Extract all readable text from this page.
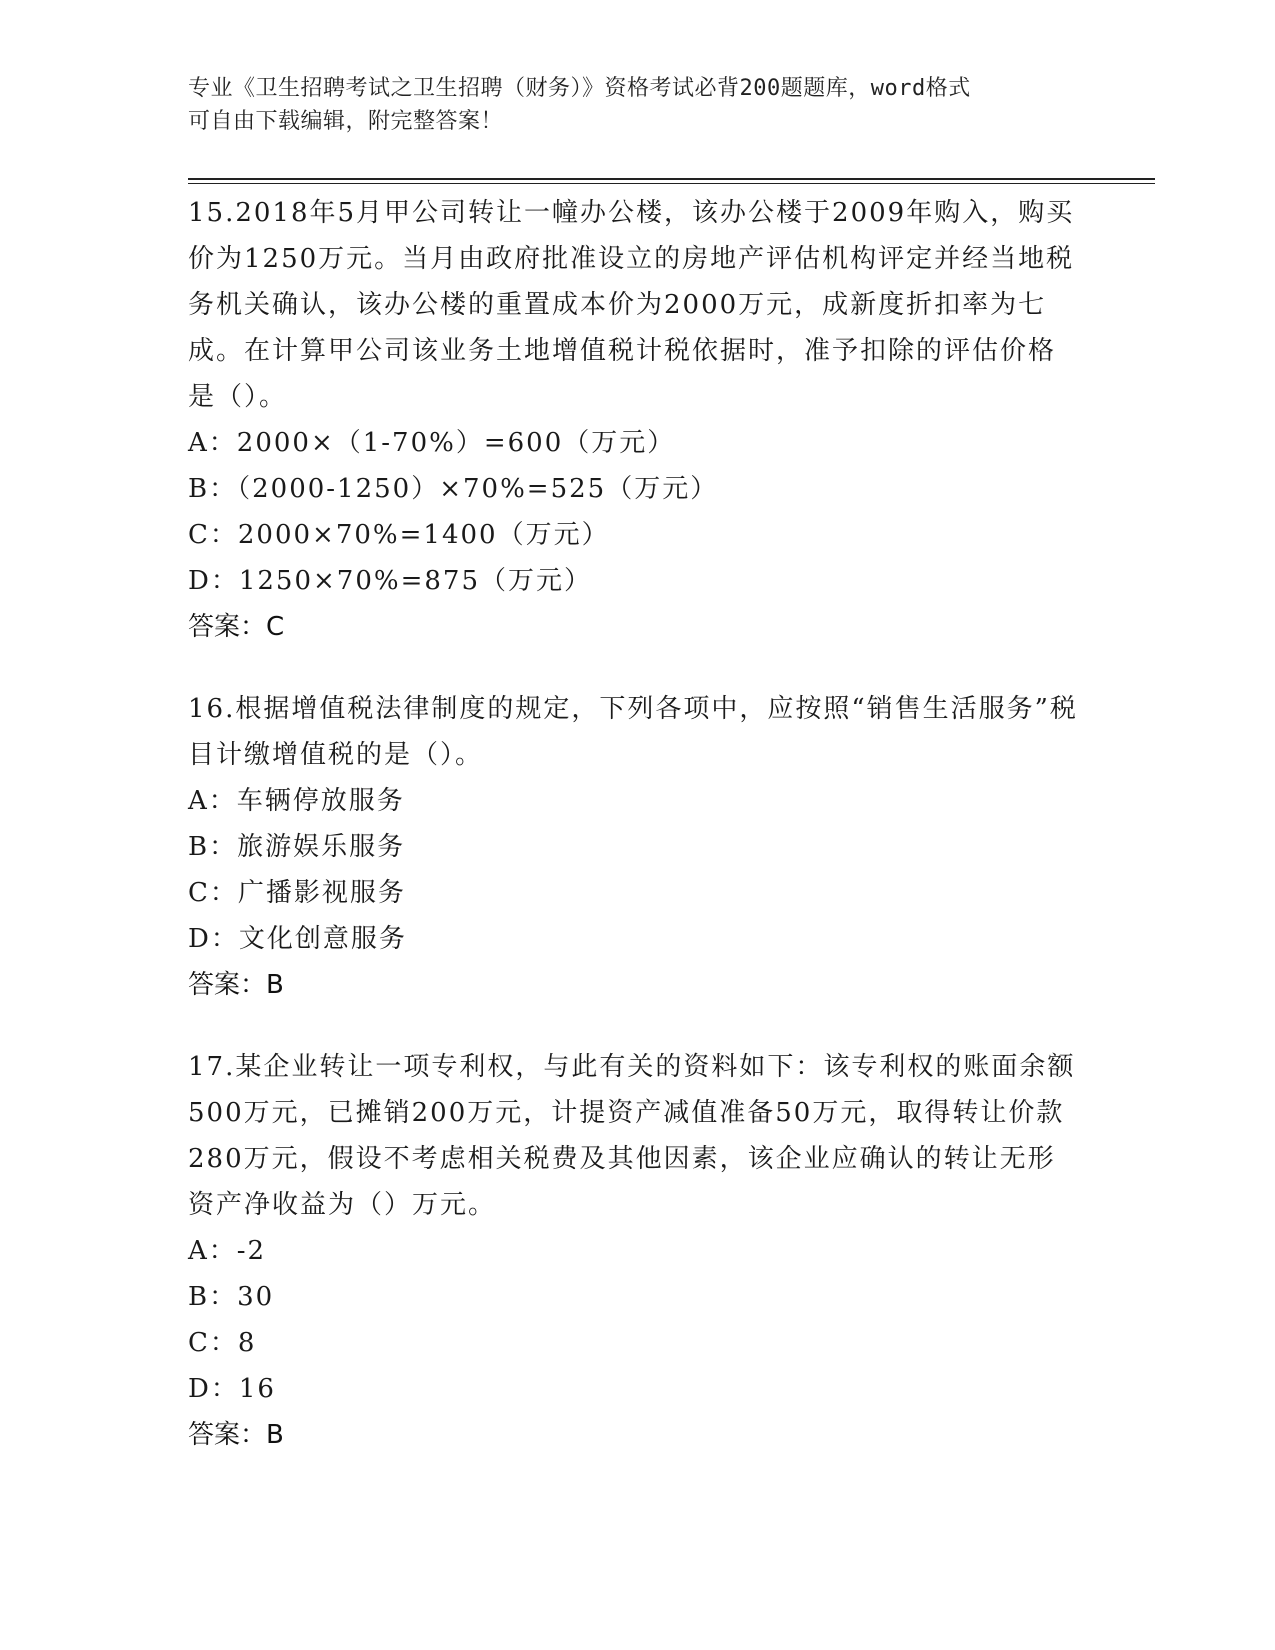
专业《卫生招聘考试之卫生招聘（财务）》资格考试必背200题题库，word格式
可自由下载编辑，附完整答案！

15.2018年5月甲公司转让一幢办公楼，该办公楼于2009年购入，购买价为1250万元。当月由政府批准设立的房地产评估机构评定并经当地税务机关确认，该办公楼的重置成本价为2000万元，成新度折扣率为七成。在计算甲公司该业务土地增值税计税依据时，准予扣除的评估价格是（）。

A：2000×（1-70%）=600（万元）

B：（2000-1250）×70%=525（万元）

C：2000×70%=1400（万元）

D：1250×70%=875（万元）

答案：C

16.根据增值税法律制度的规定，下列各项中，应按照“销售生活服务”税目计缴增值税的是（）。

A：车辆停放服务

B：旅游娱乐服务

C：广播影视服务

D：文化创意服务

答案：B

17.某企业转让一项专利权，与此有关的资料如下：该专利权的账面余额500万元，已摊销200万元，计提资产减值准备50万元，取得转让价款280万元，假设不考虑相关税费及其他因素，该企业应确认的转让无形资产净收益为（）万元。

A：-2

B：30

C：8

D：16

答案：B
